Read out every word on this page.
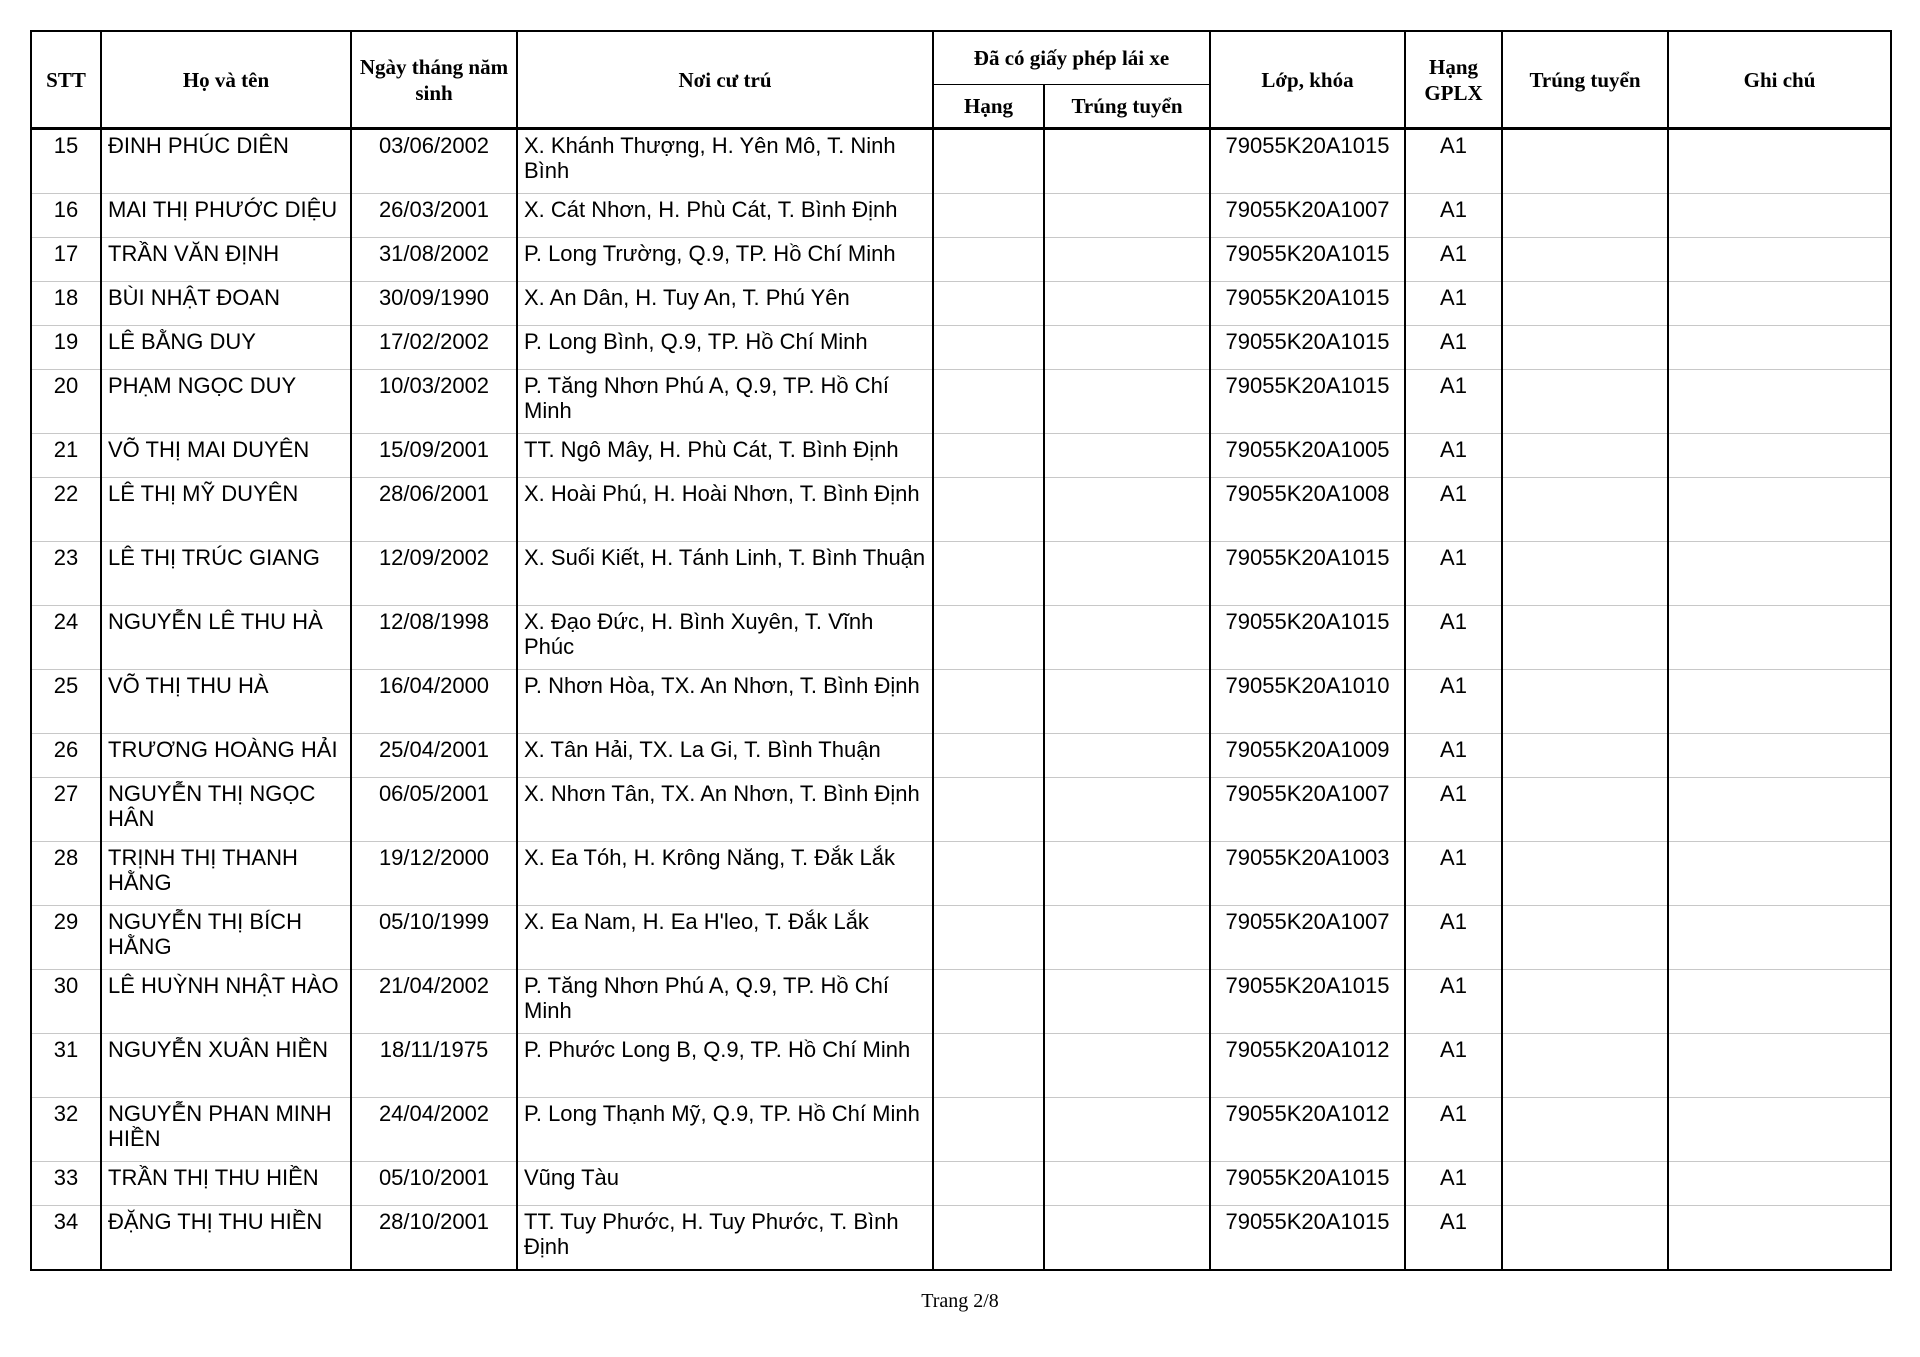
STT	Họ và tên	Ngày tháng năm sinh	Nơi cư trú	Đã có giấy phép lái xe		Lớp, khóa	Hạng GPLX	Trúng tuyển	Ghi chú
				Hạng	Trúng tuyển				
15	ĐINH PHÚC DIÊN	03/06/2002	X. Khánh Thượng, H. Yên Mô, T. Ninh Bình			79055K20A1015	A1		
16	MAI THỊ PHƯỚC DIỆU	26/03/2001	X. Cát Nhơn, H. Phù Cát, T. Bình Định			79055K20A1007	A1		
17	TRẦN VĂN ĐỊNH	31/08/2002	P. Long Trường, Q.9, TP. Hồ Chí Minh			79055K20A1015	A1		
18	BÙI NHẬT ĐOAN	30/09/1990	X. An Dân, H. Tuy An, T. Phú Yên			79055K20A1015	A1		
19	LÊ BẰNG DUY	17/02/2002	P. Long Bình, Q.9, TP. Hồ Chí Minh			79055K20A1015	A1		
20	PHẠM NGỌC DUY	10/03/2002	P. Tăng Nhơn Phú A, Q.9, TP. Hồ Chí Minh			79055K20A1015	A1		
21	VÕ THỊ MAI DUYÊN	15/09/2001	TT. Ngô Mây, H. Phù Cát, T. Bình Định			79055K20A1005	A1		
22	LÊ THỊ MỸ DUYÊN	28/06/2001	X. Hoài Phú, H. Hoài Nhơn, T. Bình Định			79055K20A1008	A1		
23	LÊ THỊ TRÚC GIANG	12/09/2002	X. Suối Kiết, H. Tánh Linh, T. Bình Thuận			79055K20A1015	A1		
24	NGUYỄN LÊ THU HÀ	12/08/1998	X. Đạo Đức, H. Bình Xuyên, T. Vĩnh Phúc			79055K20A1015	A1		
25	VÕ THỊ THU HÀ	16/04/2000	P. Nhơn Hòa, TX. An Nhơn, T. Bình Định			79055K20A1010	A1		
26	TRƯƠNG HOÀNG HẢI	25/04/2001	X. Tân Hải, TX. La Gi, T. Bình Thuận			79055K20A1009	A1		
27	NGUYỄN THỊ NGỌC HÂN	06/05/2001	X. Nhơn Tân, TX. An Nhơn, T. Bình Định			79055K20A1007	A1		
28	TRỊNH THỊ THANH HẰNG	19/12/2000	X. Ea Tóh, H. Krông Năng, T. Đắk Lắk			79055K20A1003	A1		
29	NGUYỄN THỊ BÍCH HẰNG	05/10/1999	X. Ea Nam, H. Ea H'leo, T. Đắk Lắk			79055K20A1007	A1		
30	LÊ HUỲNH NHẬT HÀO	21/04/2002	P. Tăng Nhơn Phú A, Q.9, TP. Hồ Chí Minh			79055K20A1015	A1		
31	NGUYỄN XUÂN HIỀN	18/11/1975	P. Phước Long B, Q.9, TP. Hồ Chí Minh			79055K20A1012	A1		
32	NGUYỄN PHAN MINH HIỀN	24/04/2002	P. Long Thạnh Mỹ, Q.9, TP. Hồ Chí Minh			79055K20A1012	A1		
33	TRẦN THỊ THU HIỀN	05/10/2001	Vũng Tàu			79055K20A1015	A1		
34	ĐẶNG THỊ THU HIỀN	28/10/2001	TT. Tuy Phước, H. Tuy Phước, T. Bình Định			79055K20A1015	A1		
Trang 2/8
